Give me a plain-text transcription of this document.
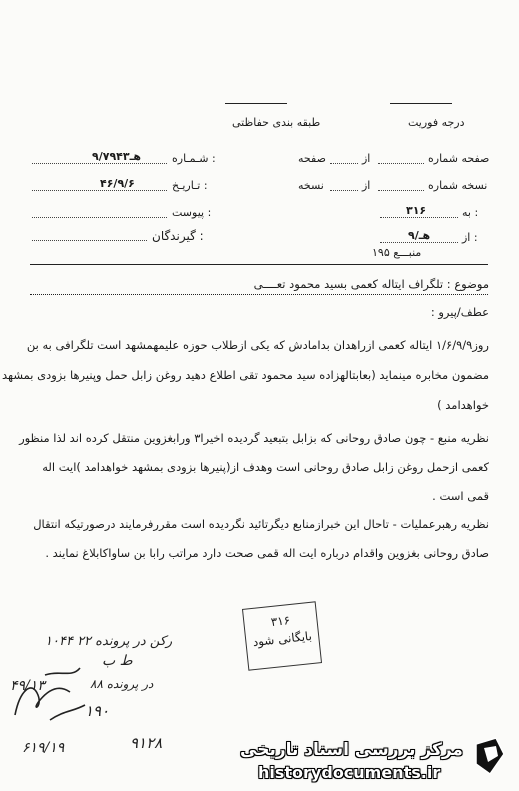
درجه فوریت
طبقه بندی حفاظتی
شـمـاره :
۹/۷۹۴۳هـ
تـاریـخ :
۴۶/۹/۶
پیوست :
گیرندگان :
صفحه شماره
از
صفحه
نسخه شماره
از
نسخه
به :
۳۱۶
از :
۹/هـ
منبـــع ۱۹۵
موضوع : تلگراف ایتاله کعمی بسید محمود تعــــی
عطف/پیرو :
روز۱/۶/۹/۹ ایتاله کعمی ازراهدان بدامادش که یکی ازطلاب حوزه علیمهمشهد است تلگرافی به بن
مضمون مخابره مینماید (بعابتالهزاده سید محمود تقی اطلاع دهید روغن زابل حمل وپنیرها بزودی بمشهد
خواهدامد )
نظریه منبع - چون صادق روحانی که بزابل بتبعید گردیده اخیرا۳ ورابغزوین منتقل کرده اند لذا منظور
کعمی ازحمل روغن زابل صادق روحانی است وهدف از(پنیرها بزودی بمشهد خواهدامد )ایت اله
قمی است .
نظریه رهبرعملیات - تاحال این خبرازمنابع دیگرتائید نگردیده است مقررفرمایند درصورتیکه انتقال
صادق روحانی بغزوین واقدام درباره ایت اله قمی صحت دارد مراتب رابا بن ساواکابلاغ نمایند .
۳۱۶
بایگانی شود
رکن در پرونده ۲۲ ۱۰۴۴
در پرونده ۸۸
ط ب
۱۹۰
۴۹/۱۳
۹۱۲۸
۶۱۹/۱۹	مرکز بررسی اسناد تاریخی
historydocuments.ir
